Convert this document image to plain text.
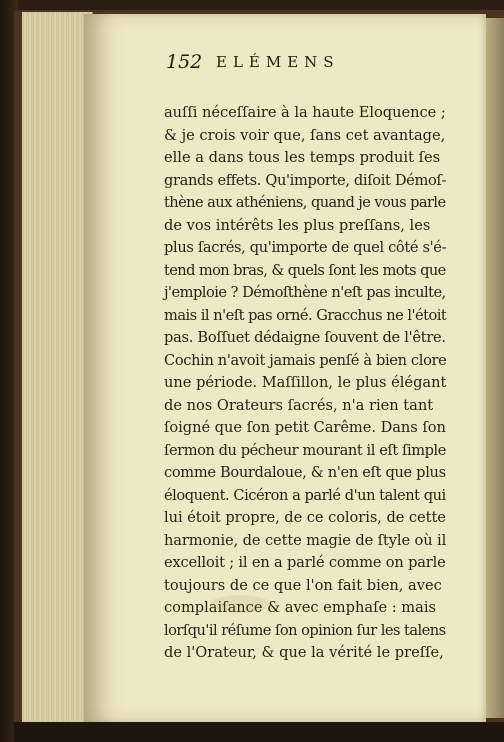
152 ELÉMENS
auſſi néceſſaire à la haute Eloquence ;
& je crois voir que, ſans cet avantage,
elle a dans tous les temps produit ſes
grands effets. Qu'importe, diſoit Démoſ-
thène aux athéniens, quand je vous parle
de vos intérêts les plus preſſans, les
plus ſacrés, qu'importe de quel côté s'é-
tend mon bras, & quels ſont les mots que
j'emploie ? Démoſthène n'eſt pas inculte,
mais il n'eſt pas orné. Gracchus ne l'étoit
pas. Boſſuet dédaigne ſouvent de l'être.
Cochin n'avoit jamais penſé à bien clore
une période. Maſſillon, le plus élégant
de nos Orateurs ſacrés, n'a rien tant
ſoigné que ſon petit Carême. Dans ſon
ſermon du pécheur mourant il eſt ſimple
comme Bourdaloue, & n'en eſt que plus
éloquent. Cicéron a parlé d'un talent qui
lui étoit propre, de ce coloris, de cette
harmonie, de cette magie de ſtyle où il
excelloit ; il en a parlé comme on parle
toujours de ce que l'on fait bien, avec
complaiſance & avec emphaſe : mais
lorſqu'il réſume ſon opinion ſur les talens
de l'Orateur, & que la vérité le preſſe,
